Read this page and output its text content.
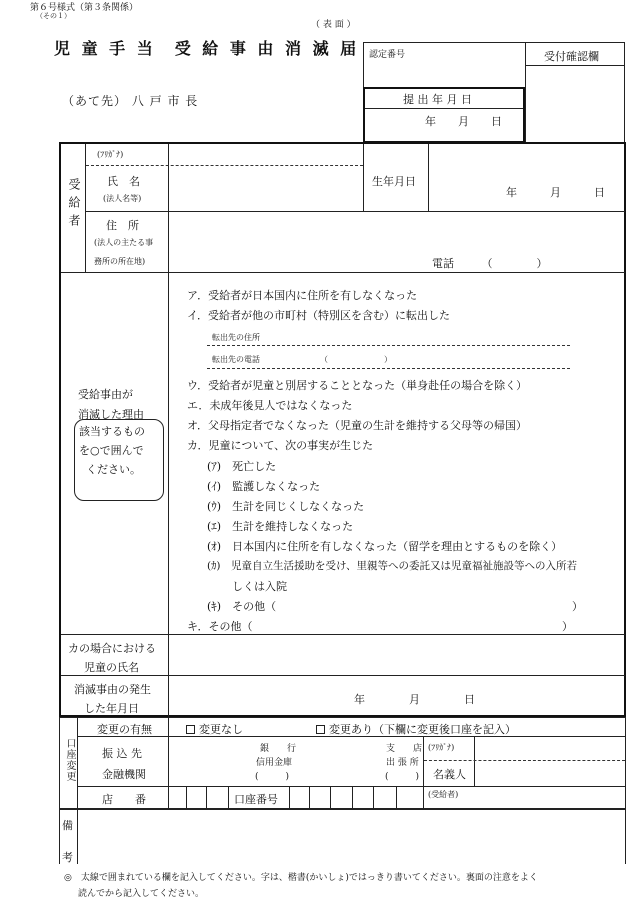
第６号様式（第３条関係）
（その１）
（ 表 面 ）
児 童 手 当　受 給 事 由 消 滅 届
（あて先） 八 戸 市 長
認定番号	受付確認欄
提 出 年 月 日
年　　月　　日
受給者
(ﾌﾘｶﾞﾅ)
氏　名
(法人名等)
生年月日
年　　　月　　　日
住　所
(法人の主たる事
務所の所在地)	電話　　　（　　　　）
受給事由が
消滅した理由
該当するもの
を○で囲んで
ください。
ア．受給者が日本国内に住所を有しなくなった
イ．受給者が他の市町村（特別区を含む）に転出した
転出先の住所
転出先の電話　　　　　　　　（　　　　　　　）
ウ．受給者が児童と別居することとなった（単身赴任の場合を除く）
エ．未成年後見人ではなくなった
オ．父母指定者でなくなった（児童の生計を維持する父母等の帰国）
カ．児童について、次の事実が生じた
(ｱ)　死亡した
(ｲ)　監護しなくなった
(ｳ)　生計を同じくしなくなった
(ｴ)　生計を維持しなくなった
(ｵ)　日本国内に住所を有しなくなった（留学を理由とするものを除く）
(ｶ)　児童自立生活援助を受け、里親等への委託又は児童福祉施設等への入所若
しくは入院
(ｷ)　その他（	）
キ．その他（	）
カの場合における
児童の氏名
消滅事由の発生
した年月日
年　　　　月　　　　日
口座変更
変更の有無	変更なし	変更あり（下欄に変更後口座を記入）
振 込 先
金融機関
銀　　行
信用金庫
(　　　)
支　　店
出 張 所
(　　　)
(ﾌﾘｶﾞﾅ)
名義人
(受給者)
店　　番	口座番号
備
考
◎　太線で囲まれている欄を記入してください。字は、楷書(かいしょ)ではっきり書いてください。裏面の注意をよく
読んでから記入してください。
